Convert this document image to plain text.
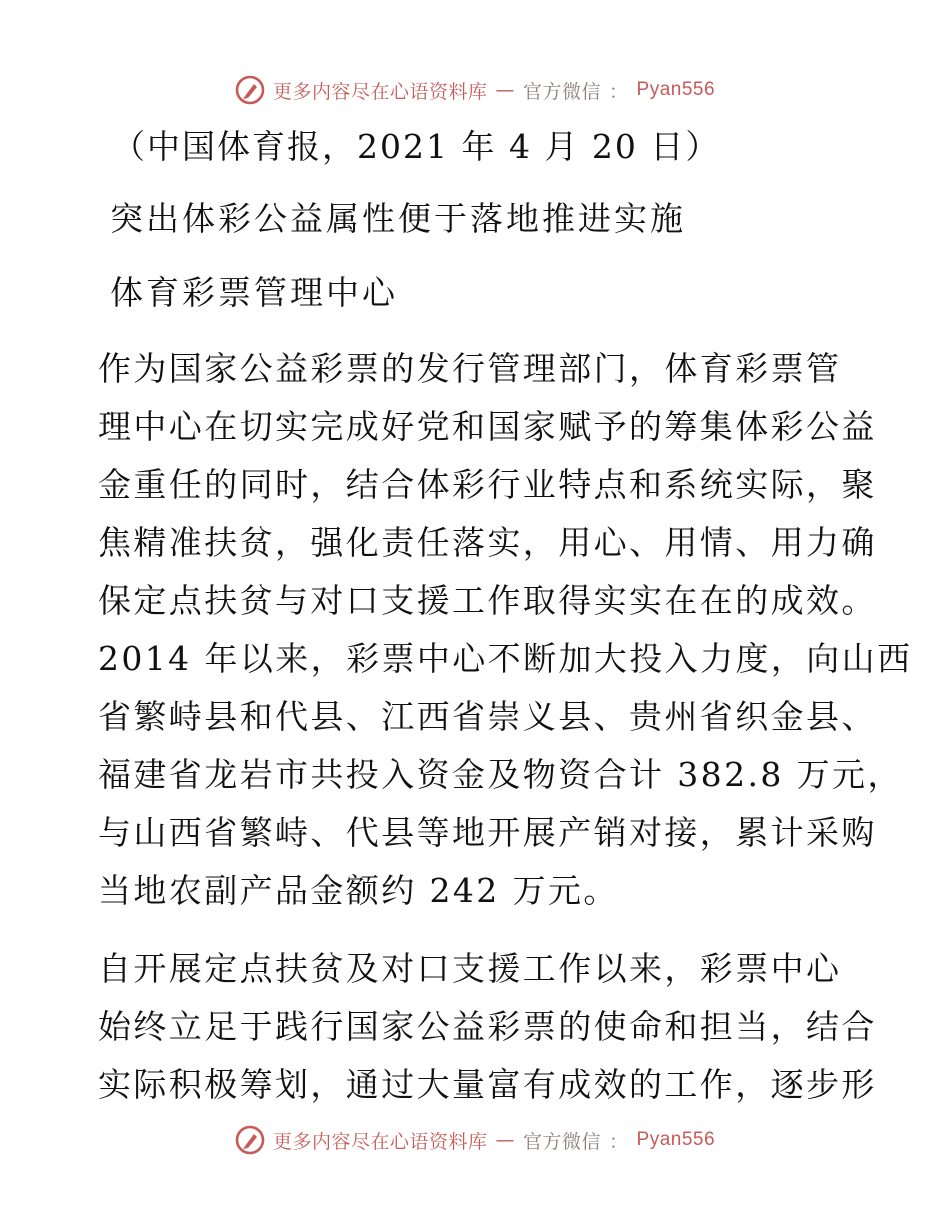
更多内容尽在心语资料库 — 官方微信 ： Pyan556
（中国体育报，2021 年 4 月 20 日）
突出体彩公益属性便于落地推进实施
体育彩票管理中心
作为国家公益彩票的发行管理部门，体育彩票管
理中心在切实完成好党和国家赋予的筹集体彩公益
金重任的同时，结合体彩行业特点和系统实际，聚
焦精准扶贫，强化责任落实，用心、用情、用力确
保定点扶贫与对口支援工作取得实实在在的成效。
2014 年以来，彩票中心不断加大投入力度，向山西
省繁峙县和代县、江西省崇义县、贵州省织金县、
福建省龙岩市共投入资金及物资合计 382.8 万元，
与山西省繁峙、代县等地开展产销对接，累计采购
当地农副产品金额约 242 万元。
自开展定点扶贫及对口支援工作以来，彩票中心
始终立足于践行国家公益彩票的使命和担当，结合
实际积极筹划，通过大量富有成效的工作，逐步形
更多内容尽在心语资料库 — 官方微信 ： Pyan556
